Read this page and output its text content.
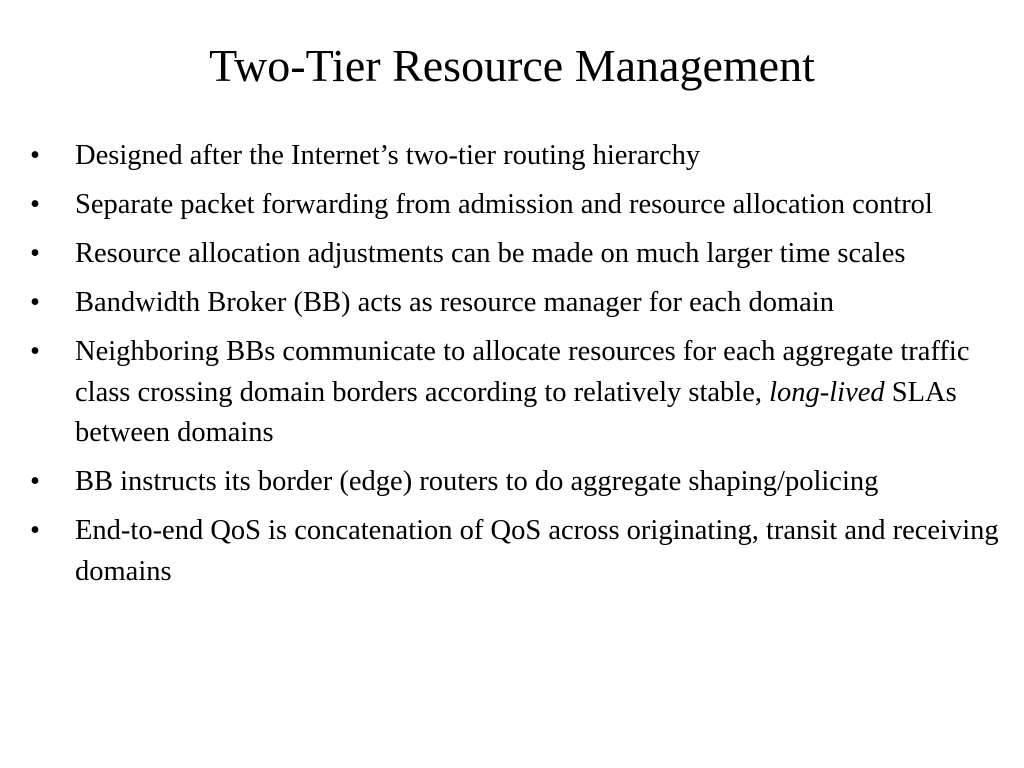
Two-Tier Resource Management
•	Designed after the Internet’s two-tier routing hierarchy
•	Separate packet forwarding from admission and resource allocation control
•	Resource allocation adjustments can be made on much larger time scales
•	Bandwidth Broker (BB) acts as resource manager for each domain
•	Neighboring BBs communicate to allocate resources for each aggregate traffic class crossing domain borders according to relatively stable, long-lived SLAs between domains
•	BB instructs its border (edge) routers to do aggregate shaping/policing
•	End-to-end QoS is concatenation of QoS across originating, transit and receiving domains
